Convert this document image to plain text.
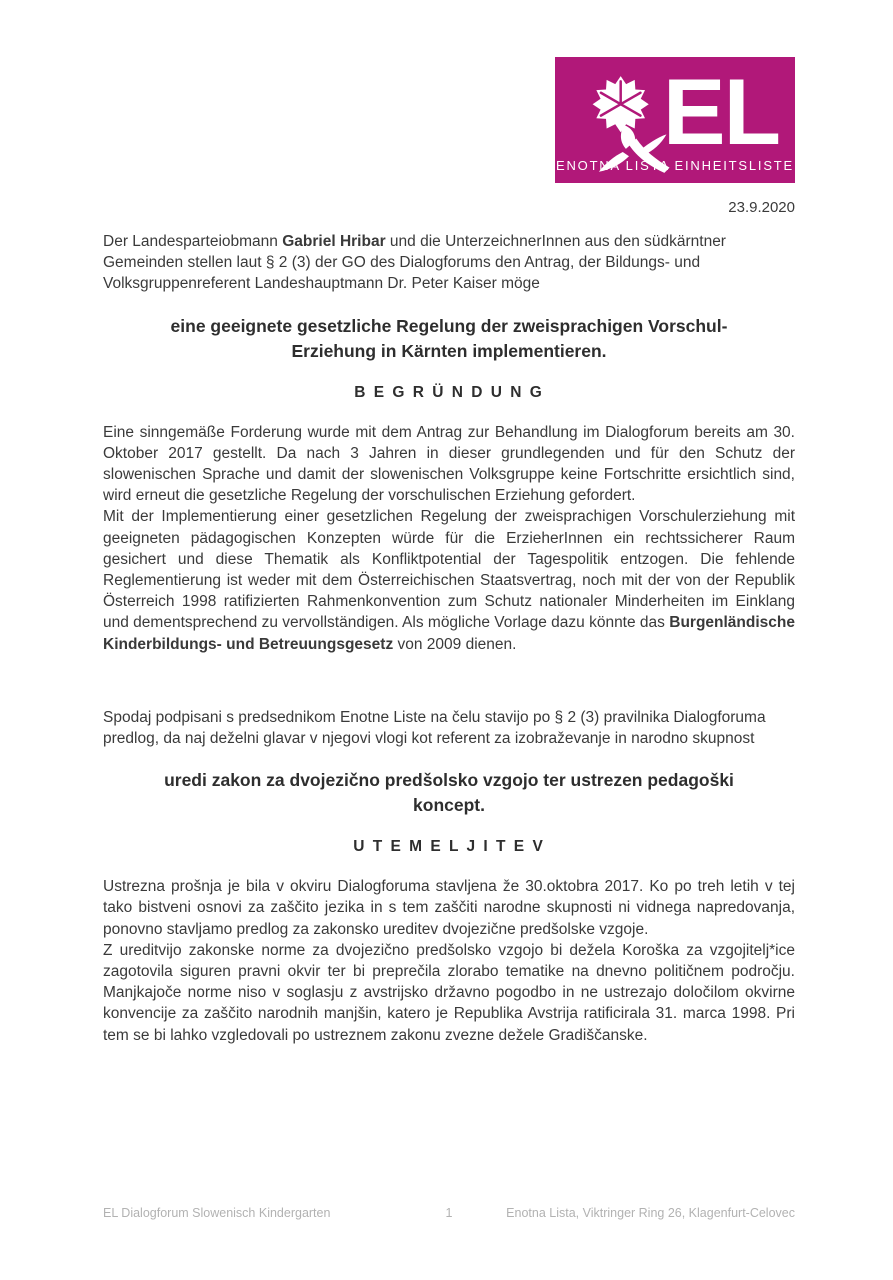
EL
ENOTNA LISTA EINHEITSLISTE
23.9.2020

Der Landesparteiobmann Gabriel Hribar und die UnterzeichnerInnen aus den südkärntner Gemeinden stellen laut § 2 (3) der GO des Dialogforums den Antrag, der Bildungs- und Volksgruppenreferent Landeshauptmann Dr. Peter Kaiser möge

eine geeignete gesetzliche Regelung der zweisprachigen Vorschul-Erziehung in Kärnten implementieren.
B E G R Ü N D U N G

Eine sinngemäße Forderung wurde mit dem Antrag zur Behandlung im Dialogforum bereits am 30. Oktober 2017 gestellt. Da nach 3 Jahren in dieser grundlegenden und für den Schutz der slowenischen Sprache und damit der slowenischen Volksgruppe keine Fortschritte ersichtlich sind, wird erneut die gesetzliche Regelung der vorschulischen Erziehung gefordert.

Mit der Implementierung einer gesetzlichen Regelung der zweisprachigen Vorschulerziehung mit geeigneten pädagogischen Konzepten würde für die ErzieherInnen ein rechtssicherer Raum gesichert und diese Thematik als Konfliktpotential der Tagespolitik entzogen. Die fehlende Reglementierung ist weder mit dem Österreichischen Staatsvertrag, noch mit der von der Republik Österreich 1998 ratifizierten Rahmenkonvention zum Schutz nationaler Minderheiten im Einklang und dementsprechend zu vervollständigen. Als mögliche Vorlage dazu könnte das Burgenländische Kinderbildungs- und Betreuungsgesetz von 2009 dienen.

Spodaj podpisani s predsednikom Enotne Liste na čelu stavijo po § 2 (3) pravilnika Dialogforuma predlog, da naj deželni glavar v njegovi vlogi kot referent za izobraževanje in narodno skupnost

uredi zakon za dvojezično predšolsko vzgojo ter ustrezen pedagoški koncept.
U T E M E L J I T E V

Ustrezna prošnja je bila v okviru Dialogforuma stavljena že 30.oktobra 2017. Ko po treh letih v tej tako bistveni osnovi za zaščito jezika in s tem zaščiti narodne skupnosti ni vidnega napredovanja, ponovno stavljamo predlog za zakonsko ureditev dvojezične predšolske vzgoje.

Z ureditvijo zakonske norme za dvojezično predšolsko vzgojo bi dežela Koroška za vzgojitelj*ice zagotovila siguren pravni okvir ter bi preprečila zlorabo tematike na dnevno političnem področju. Manjkajoče norme niso v soglasju z avstrijsko državno pogodbo in ne ustrezajo določilom okvirne konvencije za zaščito narodnih manjšin, katero je Republika Avstrija ratificirala 31. marca 1998. Pri tem se bi lahko vzgledovali po ustreznem zakonu zvezne dežele Gradiščanske.

EL Dialogforum Slowenisch Kindergarten	1	Enotna Lista, Viktringer Ring 26, Klagenfurt-Celovec
